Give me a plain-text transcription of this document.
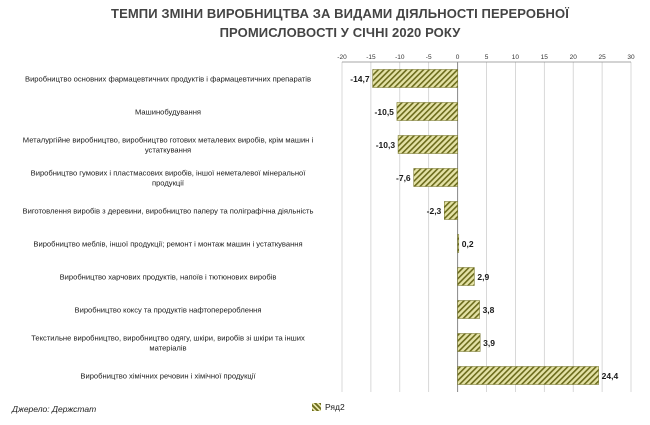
ТЕМПИ ЗМІНИ ВИРОБНИЦТВА ЗА ВИДАМИ ДІЯЛЬНОСТІ ПЕРЕРОБНОЇ
ПРОМИСЛОВОСТІ У СІЧНІ 2020 РОКУ
-20	-15	-10	-5	0	5	10	15	20	25	30
Виробництво основних фармацевтичних продуктів і фармацевтичних препаратів
Машинобудування
Металургійне виробництво, виробництво готових металевих виробів, крім машин і устаткування
Виробництво гумових і пластмасових виробів, іншої неметалевої мінеральної продукції
Виготовлення виробів з деревини, виробництво паперу та поліграфічна діяльність
Виробництво меблів, іншої продукції; ремонт і монтаж машин і устаткування
Виробництво харчових продуктів, напоїв і тютюнових виробів
Виробництво коксу та продуктів нафтоперероблення
Текстильне виробництво, виробництво одягу, шкіри, виробів зі шкіри та інших матеріалів
Виробництво хімічних речовин і хімічної продукції
-14,7
-10,5
-10,3
-7,6
-2,3
0,2
2,9
3,8
3,9
24,4
Джерело: Держстат	Ряд2
